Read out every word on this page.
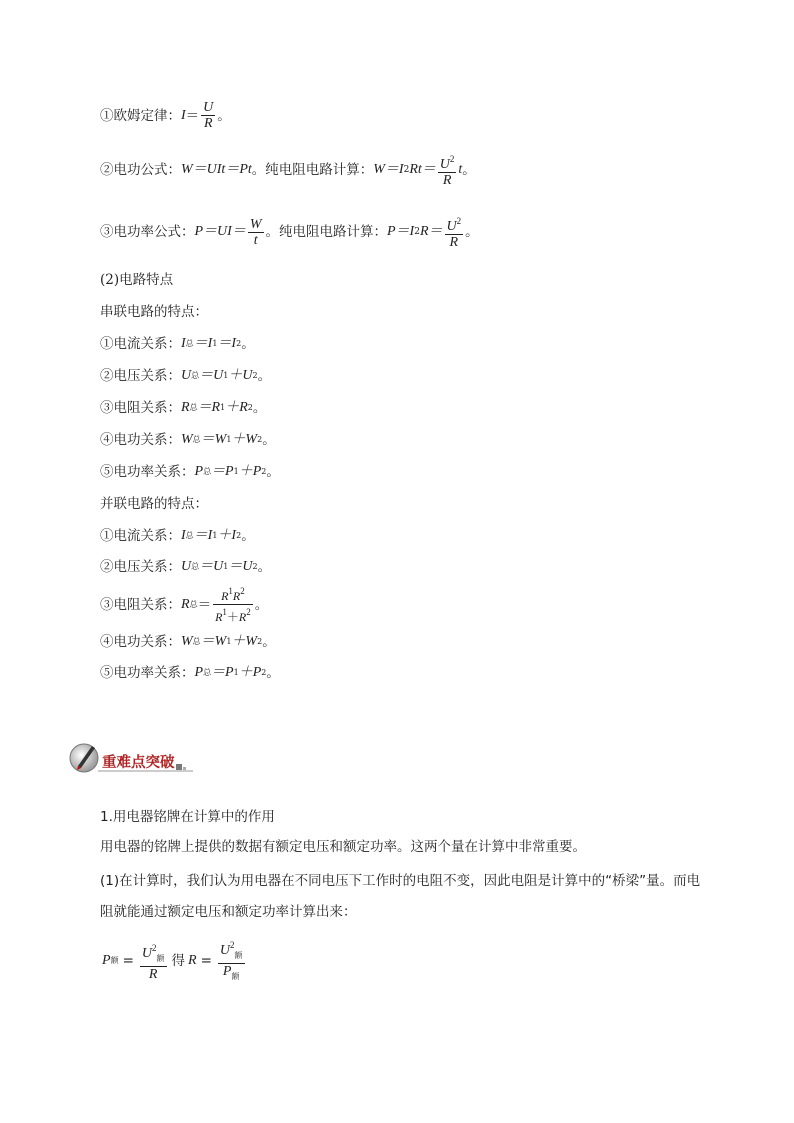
①欧姆定律： $I = \frac{U}{R}$ 。
②电功公式： W＝UIt＝Pt 。纯电阻电路计算： W＝I 2 $Rt= \frac{U^2}{R}$ t 。
③电功率公式： $P=UI= \frac{W}{t}$ 。纯电阻电路计算： P＝I 2 $R= \frac{U^2}{R}$ 。
(2)电路特点
串联电路的特点：
①电流关系： I 总 ＝I 1 ＝I 2 。
②电压关系： U 总 ＝U 1 ＋U 2 。
③电阻关系： R 总 ＝R 1 ＋R 2 。
④电功关系： W 总 ＝W 1 ＋W 2 。
⑤电功率关系： P 总 ＝P 1 ＋P 2 。
并联电路的特点：
①电流关系： I 总 ＝I 1 ＋I 2 。
②电压关系： U 总 ＝U 1 ＝U 2 。
③电阻关系： R 总 ＝ $\frac{R^1R^2}{R^1+R^2}$ 。
④电功关系： W 总 ＝W 1 ＋W 2 。
⑤电功率关系： P 总 ＝P 1 ＋P 2 。
重难点突破
1.用电器铭牌在计算中的作用
用电器的铭牌上提供的数据有额定电压和额定功率。这两个量在计算中非常重要。
(1)在计算时，我们认为用电器在不同电压下工作时的电阻不变，因此电阻是计算中的“桥梁”量。而电
阻就能通过额定电压和额定功率计算出来：
P 额 = $\frac{U^2_额}{R}$ 得 $R = \frac{U^2_额}{P_额}$
